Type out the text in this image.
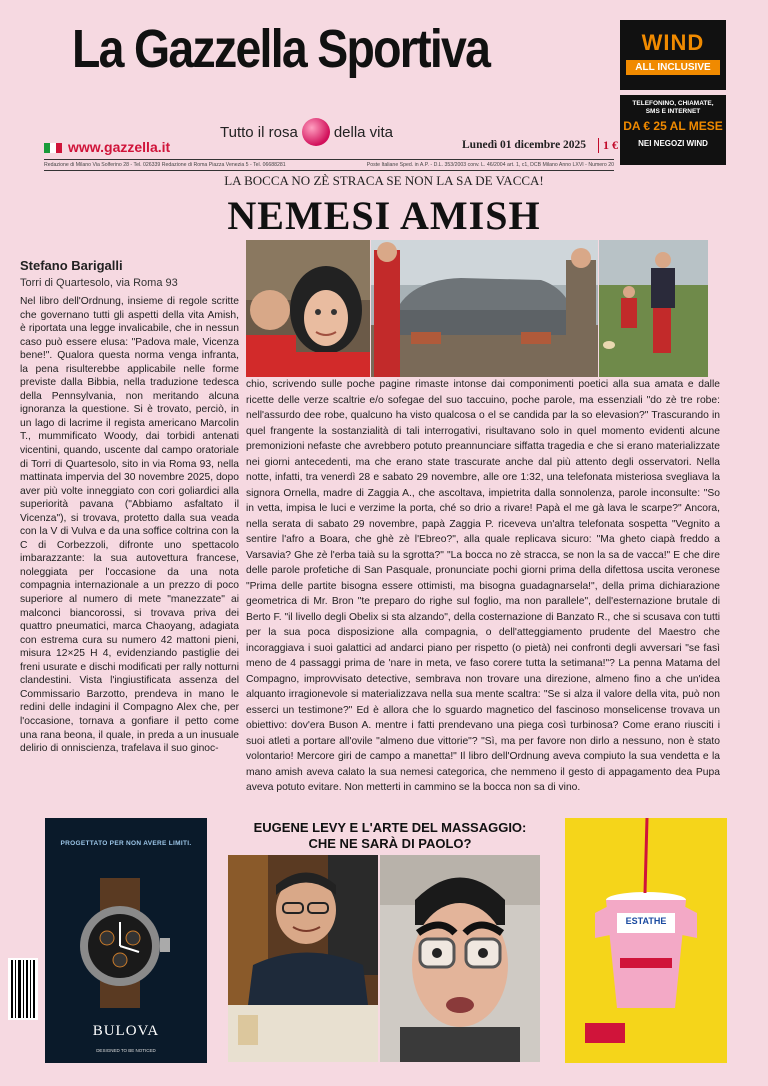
La Gazzella Sportiva
Tutto il rosa della vita
www.gazzella.it	Lunedì 01 dicembre 2025	1 €
Redazione di Milano Via Solferino 28 - Tel. 026339 Redazione di Roma Piazza Venezia 5 - Tel. 06688281	Poste Italiane Sped. in A.P. - D.L. 353/2003 conv. L. 46/2004 art. 1, c1, DCB Milano Anno LXVI - Numero 20
WIND
ALL INCLUSIVE
TELEFONINO, CHIAMATE,
SMS E INTERNET
DA € 25 AL MESE
NEI NEGOZI WIND
LA BOCCA NO ZÈ STRACA SE NON LA SA DE VACCA!
NEMESI AMISH
Stefano Barigalli
Torri di Quartesolo, via Roma 93

Nel libro dell'Ordnung, insieme di regole scritte che governano tutti gli aspetti della vita Amish, è riportata una legge invalicabile, che in nessun caso può essere elusa: "Padova male, Vicenza bene!". Qualora questa norma venga infranta, la pena risulterebbe applicabile nelle forme previste dalla Bibbia, nella traduzione tedesca della Pennsylvania, non meritando alcuna ignoranza la questione. Si è trovato, perciò, in un lago di lacrime il regista americano Marcolin T., mummificato Woody, dai torbidi antenati vicentini, quando, uscente dal campo oratoriale di Torri di Quartesolo, sito in via Roma 93, nella mattinata impervia del 30 novembre 2025, dopo aver più volte inneggiato con cori goliardici alla superiorità pavana ("Abbiamo asfaltato il Vicenza"), si trovava, protetto dalla sua veada con la V di Vulva e da una soffice coltrina con la C di Corbezzoli, difronte uno spettacolo imbarazzante: la sua autovettura francese, noleggiata per l'occasione da una nota compagnia internazionale a un prezzo di poco superiore al numero di mete "manezzate" ai malconci biancorossi, si trovava priva dei quattro pneumatici, marca Chaoyang, adagiata con estrema cura su numero 42 mattoni pieni, misura 12×25 H 4, evidenziando pastiglie dei freni usurate e dischi modificati per rally notturni clandestini. Vista l'ingiustificata assenza del Commissario Barzotto, prendeva in mano le redini delle indagini il Compagno Alex che, per l'occasione, tornava a gonfiare il petto come una rana beona, il quale, in preda a un inusuale delirio di onniscienza, trafelava il suo ginoc-

chio, scrivendo sulle poche pagine rimaste intonse dai componimenti poetici alla sua amata e dalle ricette delle verze scaltrie e/o sofegae del suo taccuino, poche parole, ma essenziali "do zè tre robe: nell'assurdo dee robe, qualcuno ha visto qualcosa o el se candida par la so elevasion?" Trascurando in quel frangente la sostanzialità di tali interrogativi, risultavano solo in quel momento evidenti alcune premonizioni nefaste che avrebbero potuto preannunciare siffatta tragedia e che si erano materializzate nei giorni antecedenti, ma che erano state trascurate anche dal più attento degli osservatori. Nella notte, infatti, tra venerdì 28 e sabato 29 novembre, alle ore 1:32, una telefonata misteriosa svegliava la signora Ornella, madre di Zaggia A., che ascoltava, impietrita dalla sonnolenza, parole inconsulte: "So in vetta, impisa le luci e verzime la porta, ché so drio a rivare! Papà el me gà lava le scarpe?" Ancora, nella serata di sabato 29 novembre, papà Zaggia P. riceveva un'altra telefonata sospetta "Vegnito a sentire l'afro a Boara, che ghè zè l'Ebreo?", alla quale replicava sicuro: "Ma gheto ciapà freddo a Varsavia? Ghe zè l'erba taià su la sgrotta?" "La bocca no zè stracca, se non la sa de vacca!" E che dire delle parole profetiche di San Pasquale, pronunciate pochi giorni prima della difettosa uscita veronese "Prima delle partite bisogna essere ottimisti, ma bisogna guadagnarsela!", della prima dichiarazione geometrica di Mr. Bron "te preparo do righe sul foglio, ma non parallele", dell'esternazione brutale di Berto F. "il livello degli Obelix si sta alzando", della costernazione di Banzato R., che si scusava con tutti per la sua poca disposizione alla compagnia, o dell'atteggiamento prudente del Maestro che incoraggiava i suoi galattici ad andarci piano per rispetto (o pietà) nei confronti degli avversari "se fasì meno de 4 passaggi prima de 'nare in meta, ve faso corere tutta la setimana!"? La penna Matama del Compagno, improvvisato detective, sembrava non trovare una direzione, almeno fino a che un'idea alquanto irragionevole si materializzava nella sua mente scaltra: "Se si alza il valore della vita, può non esserci un testimone?" Ed è allora che lo sguardo magnetico del fascinoso monselicense trovava un obiettivo: dov'era Buson A. mentre i fatti prendevano una piega così turbinosa? Come erano riusciti i suoi atleti a portare all'ovile "almeno due vittorie"? "Sì, ma per favore non dirlo a nessuno, non è stato volontario! Mercore giri de campo a manetta!" Il libro dell'Ordnung aveva compiuto la sua vendetta e la mano amish aveva calato la sua nemesi categorica, che nemmeno il gesto di appagamento dea Pupa aveva potuto evitare. Non metterti in cammino se la bocca non sa di vino.

PROGETTATO PER NON AVERE LIMITI.
BULOVA
DESIGNED TO BE NOTICED
EUGENE LEVY E L'ARTE DEL MASSAGGIO:
CHE NE SARÀ DI PAOLO?
ESTATHE
